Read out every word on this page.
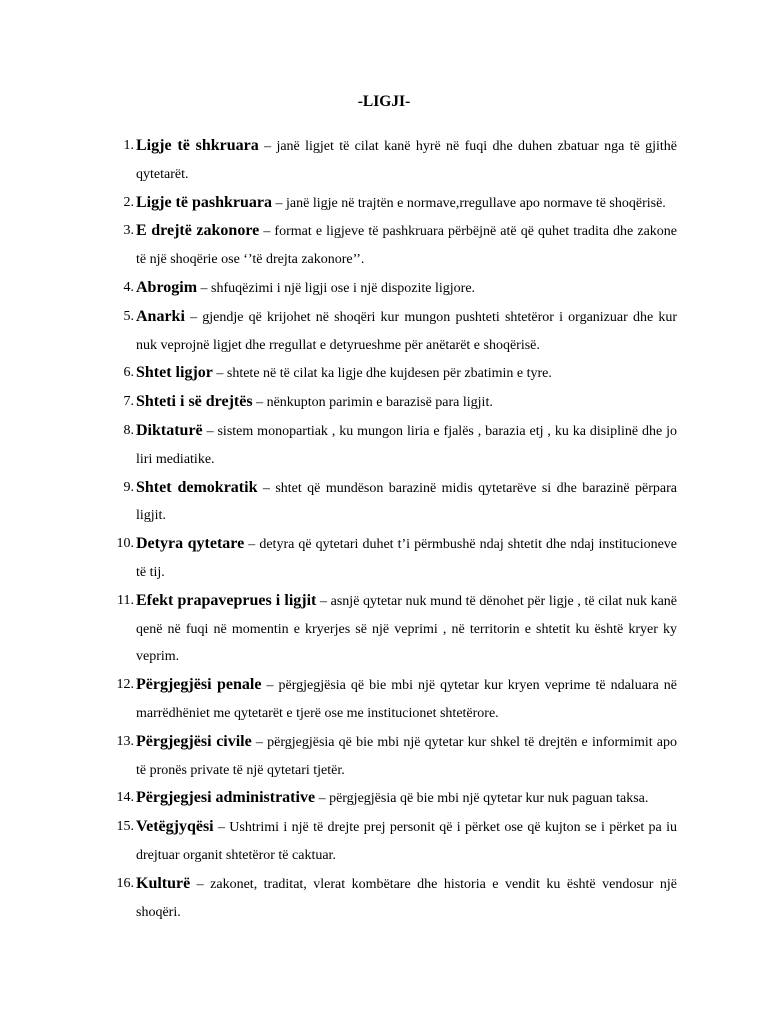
-LIGJI-
1. Ligje të shkruara – janë ligjet të cilat kanë hyrë në fuqi dhe duhen zbatuar nga të gjithë qytetarët.
2. Ligje të pashkruara – janë ligje në trajtën e normave,rregullave apo normave të shoqërisë.
3. E drejtë zakonore – format e ligjeve të pashkruara përbëjnë atë që quhet tradita dhe zakone të një shoqërie ose ‘’të drejta zakonore’’.
4. Abrogim – shfuqëzimi i një ligji ose i një dispozite ligjore.
5. Anarki – gjendje që krijohet në shoqëri kur mungon pushteti shtetëror i organizuar dhe kur nuk veprojnë ligjet dhe rregullat e detyrueshme për anëtarët e shoqërisë.
6. Shtet ligjor – shtete në të cilat ka ligje dhe kujdesen për zbatimin e tyre.
7. Shteti i së drejtës – nënkupton parimin e barazisë para ligjit.
8. Diktaturë – sistem monopartiak , ku mungon liria e fjalës , barazia etj , ku ka disiplinë dhe jo liri mediatike.
9. Shtet demokratik – shtet që mundëson barazinë midis qytetarëve si dhe barazinë përpara ligjit.
10. Detyra qytetare – detyra që qytetari duhet t’i përmbushë ndaj shtetit dhe ndaj institucioneve të tij.
11. Efekt prapaveprues i ligjit – asnjë qytetar nuk mund të dënohet për ligje , të cilat nuk kanë qenë në fuqi në momentin e kryerjes së një veprimi , në territorin e shtetit ku është kryer ky veprim.
12. Përgjegjësi penale – përgjegjësia që bie mbi një qytetar kur kryen veprime të ndaluara në marrëdhëniet me qytetarët e tjerë ose me institucionet shtetërore.
13. Përgjegjësi civile – përgjegjësia që bie mbi një qytetar kur shkel të drejtën e informimit apo të pronës private të një qytetari tjetër.
14. Përgjegjesi administrative – përgjegjësia që bie mbi një qytetar kur nuk paguan taksa.
15. Vetëgjyqësi – Ushtrimi i një të drejte prej personit që i përket ose që kujton se i përket pa iu drejtuar organit shtetëror të caktuar.
16. Kulturë – zakonet, traditat, vlerat kombëtare dhe historia e vendit ku është vendosur një shoqëri.
